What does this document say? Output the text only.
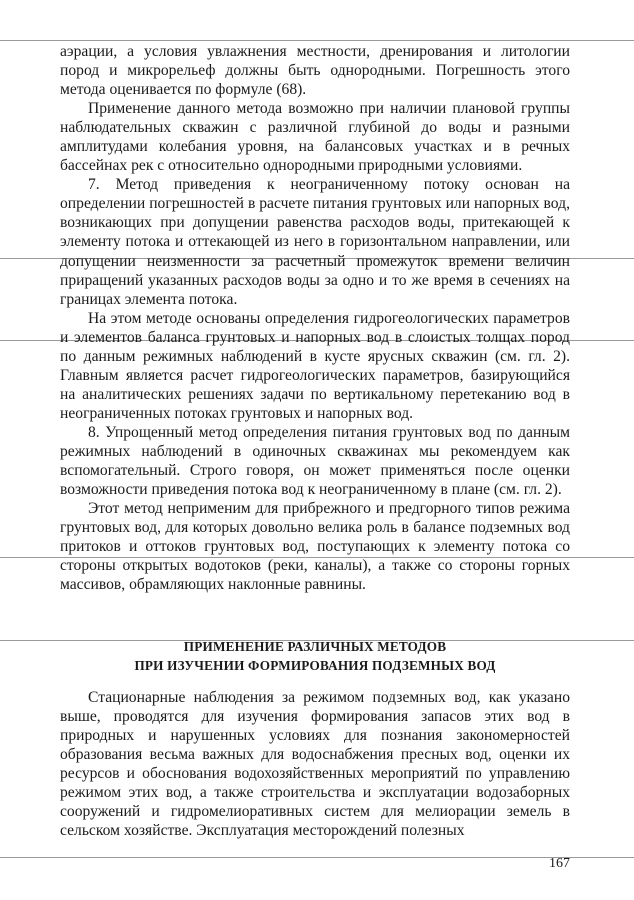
аэрации, а условия увлажнения местности, дренирования и литологии пород и микрорельеф должны быть однородными. Погрешность этого метода оценивается по формуле (68).

Применение данного метода возможно при наличии плановой группы наблюдательных скважин с различной глубиной до воды и разными амплитудами колебания уровня, на балансовых участках и в речных бассейнах рек с относительно однородными природными условиями.

7. Метод приведения к неограниченному потоку основан на определении погрешностей в расчете питания грунтовых или напорных вод, возникающих при допущении равенства расходов воды, притекающей к элементу потока и оттекающей из него в горизонтальном направлении, или допущении неизменности за расчетный промежуток времени величин приращений указанных расходов воды за одно и то же время в сечениях на границах элемента потока.

На этом методе основаны определения гидрогеологических параметров и элементов баланса грунтовых и напорных вод в слоистых толщах пород по данным режимных наблюдений в кусте ярусных скважин (см. гл. 2). Главным является расчет гидрогеологических параметров, базирующийся на аналитических решениях задачи по вертикальному перетеканию вод в неограниченных потоках грунтовых и напорных вод.

8. Упрощенный метод определения питания грунтовых вод по данным режимных наблюдений в одиночных скважинах мы рекомендуем как вспомогательный. Строго говоря, он может применяться после оценки возможности приведения потока вод к неограниченному в плане (см. гл. 2).

Этот метод неприменим для прибрежного и предгорного типов режима грунтовых вод, для которых довольно велика роль в балансе подземных вод притоков и оттоков грунтовых вод, поступающих к элементу потока со стороны открытых водотоков (реки, каналы), а также со стороны горных массивов, обрамляющих наклонные равнины.

ПРИМЕНЕНИЕ РАЗЛИЧНЫХ МЕТОДОВ
ПРИ ИЗУЧЕНИИ ФОРМИРОВАНИЯ ПОДЗЕМНЫХ ВОД

Стационарные наблюдения за режимом подземных вод, как указано выше, проводятся для изучения формирования запасов этих вод в природных и нарушенных условиях для познания закономерностей образования весьма важных для водоснабжения пресных вод, оценки их ресурсов и обоснования водохозяйственных мероприятий по управлению режимом этих вод, а также строительства и эксплуатации водозаборных сооружений и гидромелиоративных систем для мелиорации земель в сельском хозяйстве. Эксплуатация месторождений полезных

167
